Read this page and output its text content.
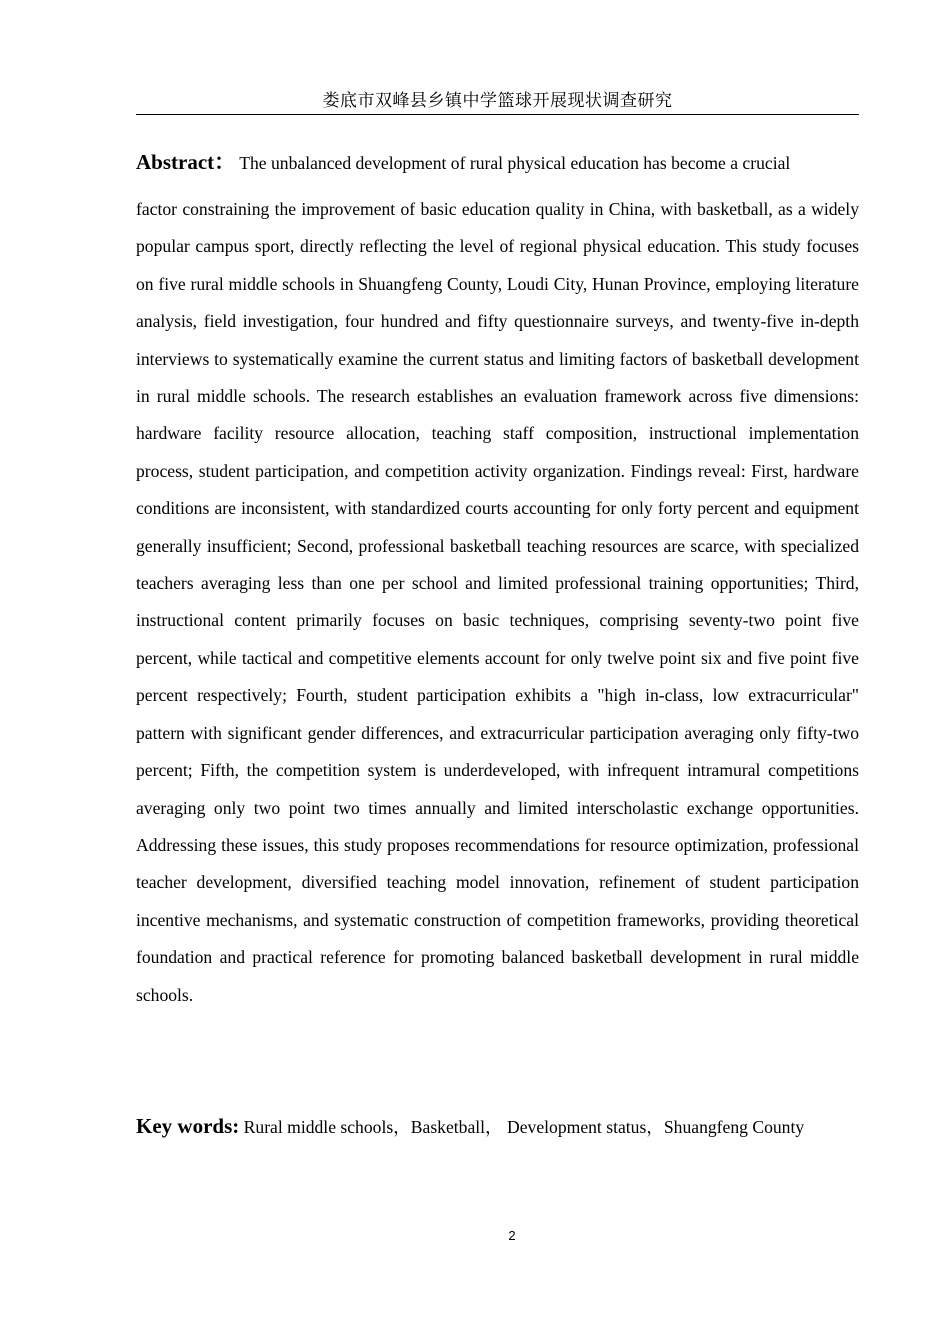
娄底市双峰县乡镇中学篮球开展现状调查研究

Abstract： The unbalanced development of rural physical education has become a crucial
factor constraining the improvement of basic education quality in China, with basketball, as a widely popular campus sport, directly reflecting the level of regional physical education. This study focuses on five rural middle schools in Shuangfeng County, Loudi City, Hunan Province, employing literature analysis, field investigation, four hundred and fifty questionnaire surveys, and twenty-five in-depth interviews to systematically examine the current status and limiting factors of basketball development in rural middle schools. The research establishes an evaluation framework across five dimensions: hardware facility resource allocation, teaching staff composition, instructional implementation process, student participation, and competition activity organization. Findings reveal: First, hardware conditions are inconsistent, with standardized courts accounting for only forty percent and equipment generally insufficient; Second, professional basketball teaching resources are scarce, with specialized teachers averaging less than one per school and limited professional training opportunities; Third, instructional content primarily focuses on basic techniques, comprising seventy-two point five percent, while tactical and competitive elements account for only twelve point six and five point five percent respectively; Fourth, student participation exhibits a "high in-class, low extracurricular" pattern with significant gender differences, and extracurricular participation averaging only fifty-two percent; Fifth, the competition system is underdeveloped, with infrequent intramural competitions averaging only two point two times annually and limited interscholastic exchange opportunities. Addressing these issues, this study proposes recommendations for resource optimization, professional teacher development, diversified teaching model innovation, refinement of student participation incentive mechanisms, and systematic construction of competition frameworks, providing theoretical foundation and practical reference for promoting balanced basketball development in rural middle schools.

Key words: Rural middle schools，Basketball， Development status，Shuangfeng County

2
